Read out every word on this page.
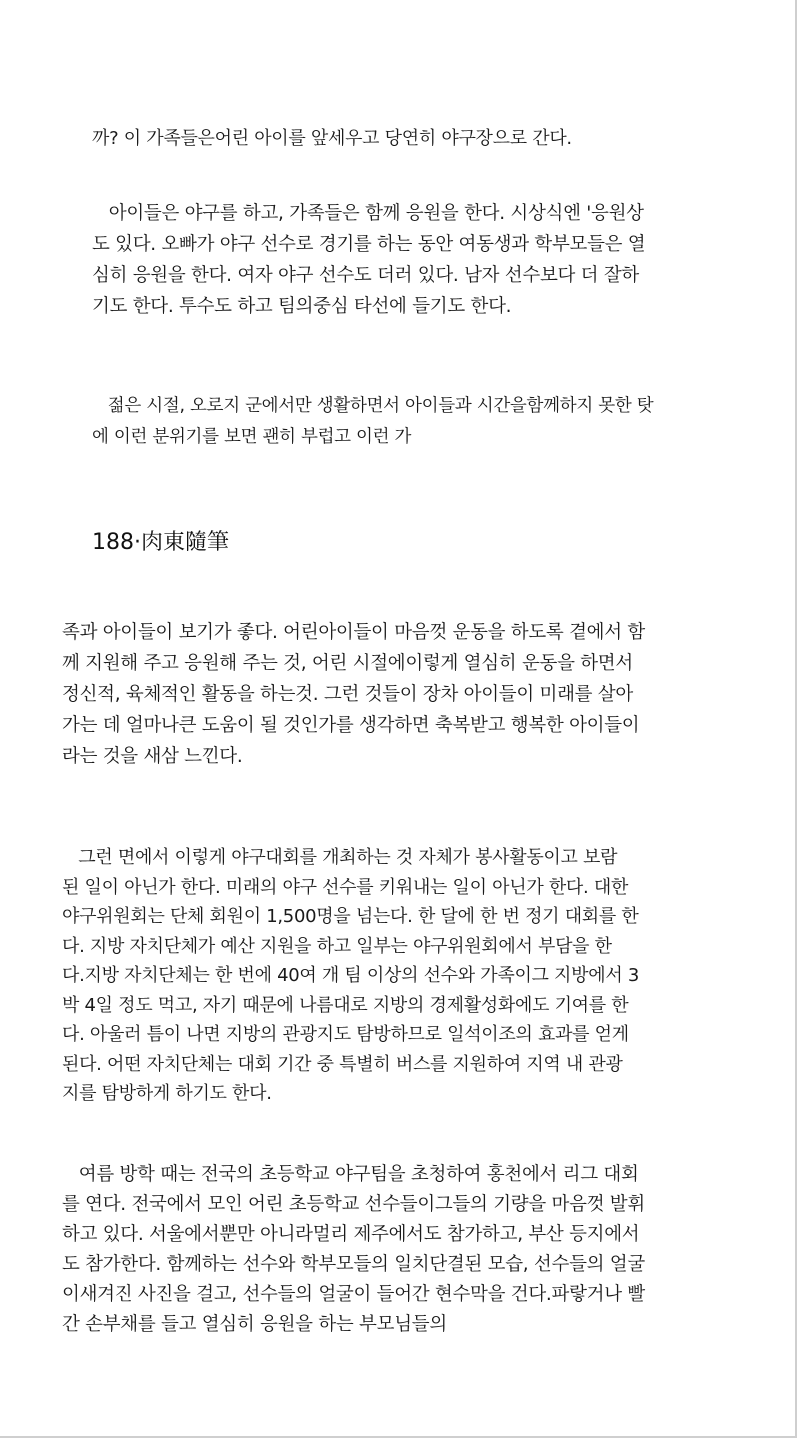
까? 이 가족들은어린 아이를 앞세우고 당연히 야구장으로 간다.
아이들은 야구를 하고, 가족들은 함께 응원을 한다. 시상식엔 '응원상
도 있다. 오빠가 야구 선수로 경기를 하는 동안 여동생과 학부모들은 열
심히 응원을 한다. 여자 야구 선수도 더러 있다. 남자 선수보다 더 잘하
기도 한다. 투수도 하고 팀의중심 타선에 들기도 한다.
젊은 시절, 오로지 군에서만 생활하면서 아이들과 시간을함께하지 못한 탓
에 이런 분위기를 보면 괜히 부럽고 이런 가
188·肉東隨筆
족과 아이들이 보기가 좋다. 어린아이들이 마음껏 운동을 하도록 곁에서 함
께 지원해 주고 응원해 주는 것, 어린 시절에이렇게 열심히 운동을 하면서
정신적, 육체적인 활동을 하는것. 그런 것들이 장차 아이들이 미래를 살아
가는 데 얼마나큰 도움이 될 것인가를 생각하면 축복받고 행복한 아이들이
라는 것을 새삼 느낀다.
그런 면에서 이렇게 야구대회를 개최하는 것 자체가 봉사활동이고 보람
된 일이 아닌가 한다. 미래의 야구 선수를 키워내는 일이 아닌가 한다. 대한
야구위원회는 단체 회원이 1,500명을 넘는다. 한 달에 한 번 정기 대회를 한
다. 지방 자치단체가 예산 지원을 하고 일부는 야구위원회에서 부담을 한
다.지방 자치단체는 한 번에 40여 개 팀 이상의 선수와 가족이그 지방에서 3
박 4일 정도 먹고, 자기 때문에 나름대로 지방의 경제활성화에도 기여를 한
다. 아울러 틈이 나면 지방의 관광지도 탐방하므로 일석이조의 효과를 얻게
된다. 어떤 자치단체는 대회 기간 중 특별히 버스를 지원하여 지역 내 관광
지를 탐방하게 하기도 한다.
여름 방학 때는 전국의 초등학교 야구팀을 초청하여 홍천에서 리그 대회
를 연다. 전국에서 모인 어린 초등학교 선수들이그들의 기량을 마음껏 발휘
하고 있다. 서울에서뿐만 아니라멀리 제주에서도 참가하고, 부산 등지에서
도 참가한다. 함께하는 선수와 학부모들의 일치단결된 모습, 선수들의 얼굴
이새겨진 사진을 걸고, 선수들의 얼굴이 들어간 현수막을 건다.파랗거나 빨
간 손부채를 들고 열심히 응원을 하는 부모님들의
